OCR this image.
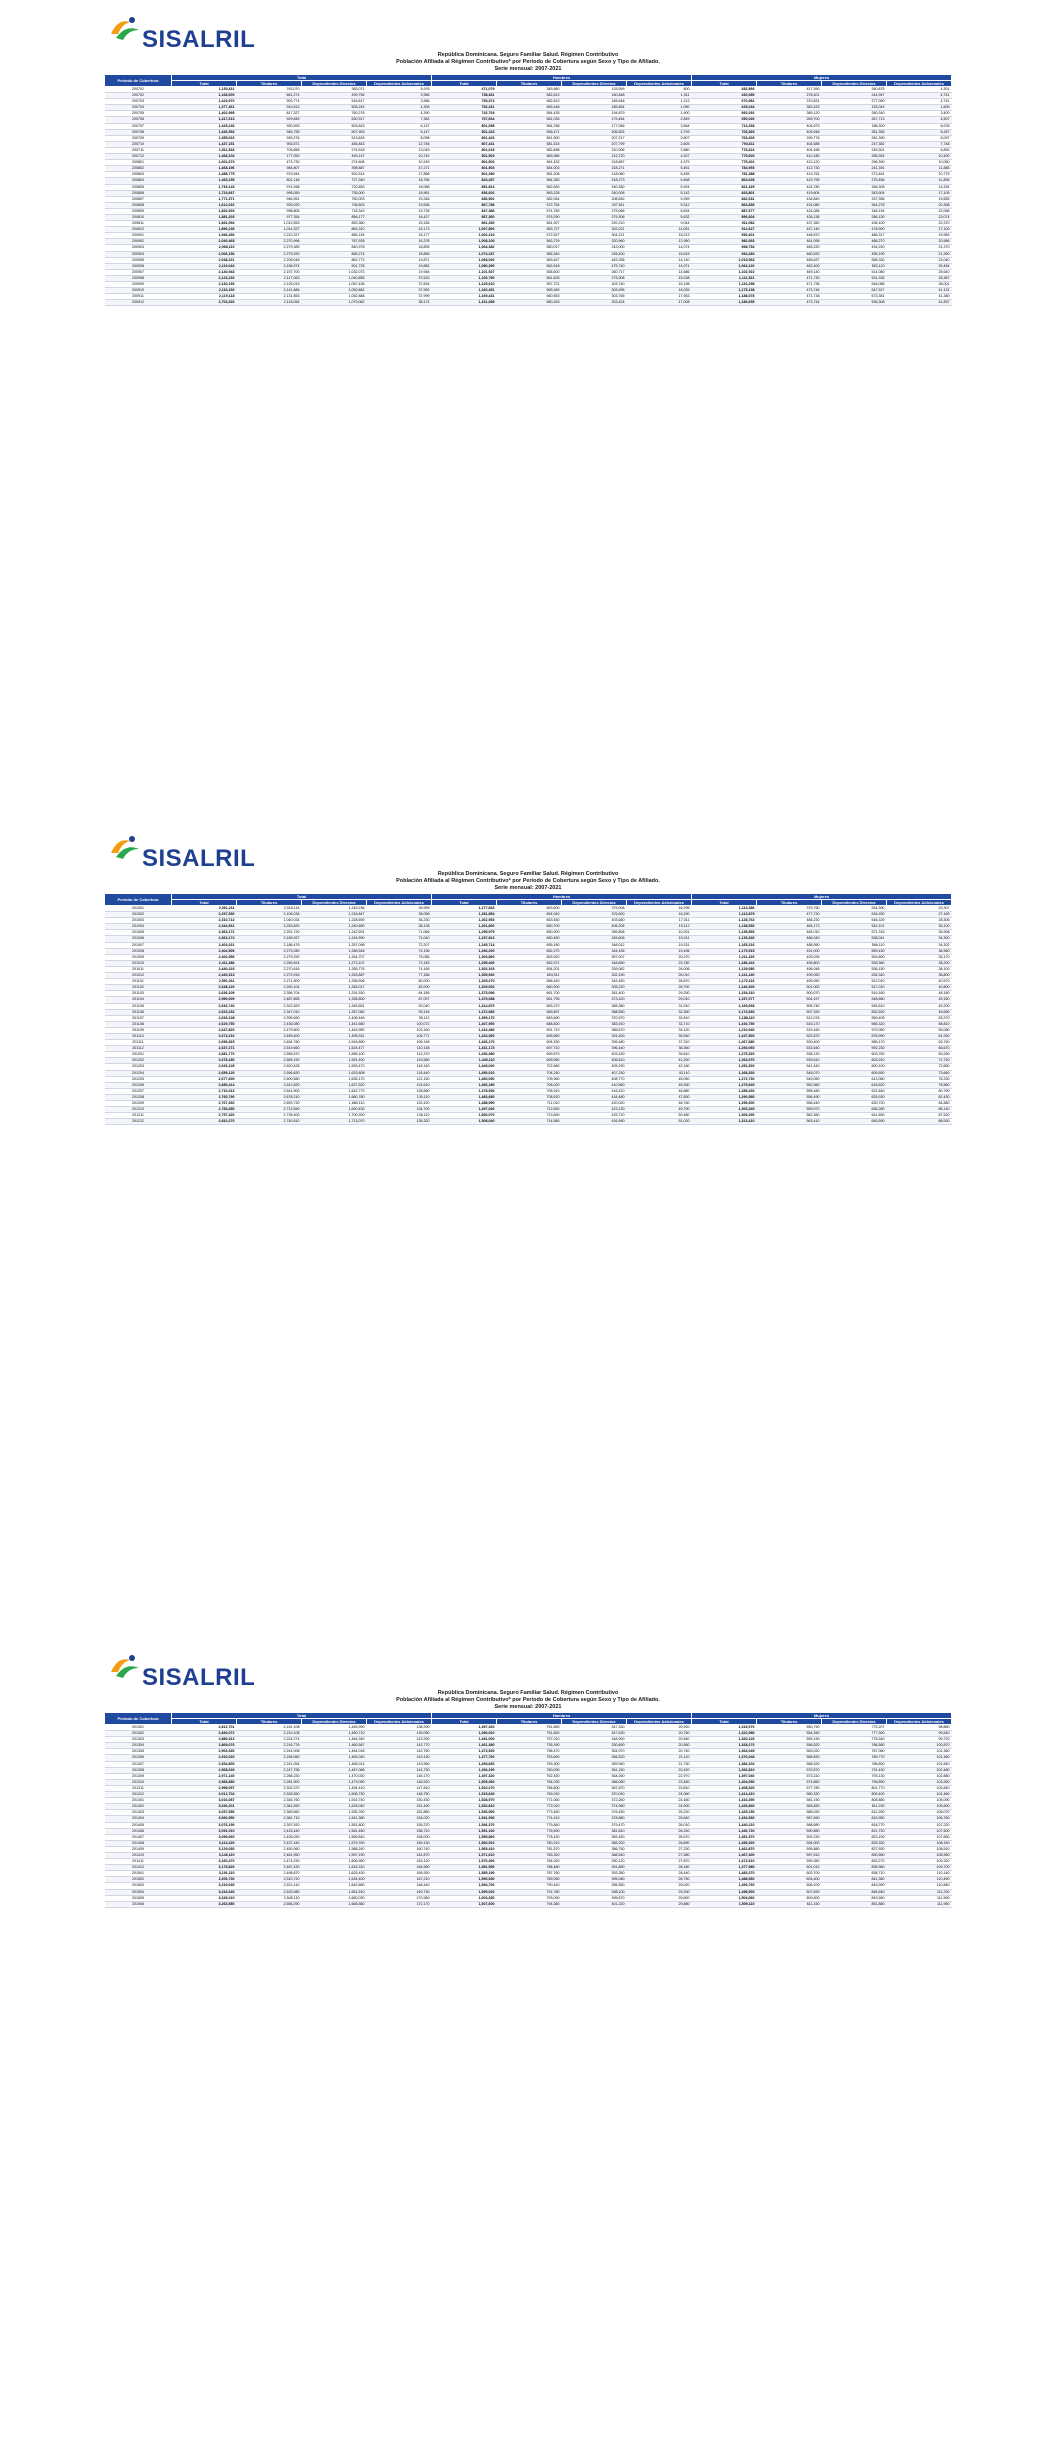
SISALRIL
República Dominicana. Seguro Familiar Salud. Régimen Contributivo
Población Afiliada al Régimen Contributivo* por Período de Cobertura según Sexo y Tipo de Afiliado.
Serie mensual: 2007-2021
Período de Cobertura	Total				Hombres				Mujeres			
	Total	Titulares	Dependientes Directos	Dependientes Adicionales	Total	Titulares	Dependientes Directos	Dependientes Adicionales	Total	Titulares	Dependientes Directos	Dependientes Adicionales
200701	1,153,611	763,070	383,071	5,976	471,079	345,680	125,599	800	682,566	417,390	260,875	4,301
200702	1,168,600	661,274	499,756	3,986	738,461	582,613	160,848	1,011	430,085	278,401	244,947	4,741
200703	1,423,970	903,774	516,617	3,986	753,374	582,813	165,648	1,213	670,581	370,831	277,090	4,741
200704	1,377,461	910,513	505,243	4,305	752,261	565,448	185,854	1,050	625,244	383,433	193,043	1,605
200705	1,402,995	817,327	760,278	4,390	742,704	584,435	194,879	1,900	660,291	389,120	280,340	3,400
200706	1,417,613	929,845	530,917	7,382	767,664	581,035	179,464	2,849	650,040	269,700	267,713	4,507
200707	1,425,246	930,993	503,843	6,137	801,058	564,768	177,946	3,664	713,268	404,675	186,300	6,978
200708	1,446,592	946,755	507,903	6,147	801,423	596,471	206,502	2,793	703,369	409,946	261,355	6,267
200709	1,455,022	945,276	513,818	8,098	801,423	561,500	207,217	2,807	763,403	299,776	281,390	5,097
200710	1,437,151	953,571	485,843	12,746	807,441	581,515	207,799	2,605	793,611	404,588	247,382	7,748
200711	1,511,543	706,856	274,518	13,049	801,018	582,898	210,006	2,680	776,624	404,168	245,301	6,892
200712	1,468,104	177,053	493,147	10,742	801,503	583,986	212,720	4,307	779,600	410,180	265,354	10,490
200801	1,601,673	473,730	274,608	10,249	801,503	561,432	218,887	4,379	775,401	412,120	296,390	10,060
200802	1,468,196	984,807	398,887	47,271	801,503	584,003	218,271	5,461	784,993	412,730	241,391	11,885
200803	1,488,775	979,944	502,514	17,866	801,390	581,208	218,060	5,455	781,388	413,761	273,461	10,775
200804	1,465,159	801,146	727,340	18,756	823,457	584,350	218,273	5,468	803,628	419,795	275,456	11,895
200805	1,733,143	974,268	720,853	18,066	851,814	582,830	240,350	5,924	821,329	424,780	266,305	14,334
200806	1,723,667	995,059	735,000	18,961	836,602	583,228	240,008	5,142	833,801	419,604	343,904	17,105
200807	1,771,371	946,951	750,003	19,346	836,902	582,054	208,652	5,269	842,031	434,840	337,356	19,655
200808	1,612,016	925,020	736,803	19,536	867,788	572,754	207,511	5,312	864,836	424,080	344,278	20,308
200809	1,832,003	998,805	718,343	19,738	847,386	574,780	275,066	5,634	887,677	424,086	348,194	22,068
200810	1,881,203	977,354	856,177	16,427	857,360	576,290	279,306	5,632	896,604	426,136	286,130	23,074
200811	1,831,094	1,012,553	853,360	15,185	861,330	561,927	292,210	9,044	911,082	437,350	436,100	22,370
200812	1,896,136	1,014,327	863,310	15,173	1,007,800	563,727	302,021	14,051	912,627	447,140	478,900	17,100
200901	1,946,436	2,210,227	865,145	16,177	1,002,210	572,527	304,221	15,213	930,401	448,870	486,317	19,983
200902	2,040,465	2,270,996	767,928	16,378	1,008,100	563,729	320,960	12,950	982,933	461,095	488,270	20,986
200903	2,068,110	2,279,383	840,978	16,895	1,064,382	560,017	243,000	14,074	948,754	465,220	494,240	21,370
200904	2,006,156	2,279,290	865,274	18,865	1,074,187	565,340	245,400	15,615	934,283	460,520	495,190	21,390
200905	2,048,221	2,208,048	862,773	19,871	1,068,040	563,627	463,336	14,140	1,015,063	465,637	558,330	23,040
200906	2,119,044	2,156,974	901,725	19,882	1,080,390	562,618	475,740	14,971	1,064,120	462,400	502,110	25,454
200907	2,140,943	2,157,700	1,032,073	19,948	1,101,927	558,600	260,717	14,686	1,102,510	469,140	514,080	25,640
200908	2,123,192	2,117,063	1,040,855	37,633	1,100,750	561,625	275,508	15,038	1,111,521	471,730	531,335	26,367
200909	2,130,193	2,125,019	1,067,438	37,694	1,129,610	557,721	303,740	15,198	1,116,298	471,736	546,085	28,001
200910	2,116,160	2,141,886	1,052,882	37,992	1,160,451	565,945	303,995	16,026	1,175,138	473,746	547,917	41,131
200911	2,119,118	2,131,853	1,052,888	37,999	1,169,431	560,563	303,765	17,953	1,188,078	471,738	573,351	41,380
200912	2,704,326	2,118,054	1,079,062	38,174	1,161,089	560,263	303,424	17,008	1,186,659	473,744	536,308	41,837
SISALRIL
República Dominicana. Seguro Familiar Salud. Régimen Contributivo
Población Afiliada al Régimen Contributivo* por Período de Cobertura según Sexo y Tipo de Afiliado.
Serie mensual: 2007-2021
Período de Cobertura	Total				Hombres				Mujeres			
	Total	Titulares	Dependientes Directos	Dependientes Adicionales	Total	Titulares	Dependientes Directos	Dependientes Adicionales	Total	Titulares	Dependientes Directos	Dependientes Adicionales
201001	2,361,211	2,018,116	1,249,236	39,959	1,277,833	653,600	375,008	16,295	1,114,386	375,760	534,390	23,307
201002	2,297,530	2,106,036	1,216,847	38,058	1,281,854	654,040	376,600	16,290	1,113,879	477,730	534,930	27,169
201003	2,310,714	1,040,034	1,228,659	36,230	1,262,953	653,450	403,650	17,011	1,128,762	486,230	546,329	28,306
201004	2,344,661	2,253,820	1,240,650	38,138	1,261,800	650,700	406,206	19,112	1,138,530	484,173	542,101	35,100
201005	2,363,172	2,251,720	1,242,591	71,066	1,295,979	650,900	356,806	10,931	1,135,893	484,010	571,316	35,908
201006	2,363,174	2,165,927	1,244,590	71,040	1,237,813	650,450	345,606	19,241	1,139,340	486,040	538,041	34,300
201007	2,402,021	2,186,476	1,257,098	72,207	1,245,714	655,180	348,012	19,331	1,165,216	488,950	566,110	34,302
201008	2,404,506	2,279,280	1,268,548	74,196	1,266,200	652,270	344,436	19,496	1,179,515	491,000	559,430	36,560
201009	2,402,956	2,279,292	1,264,707	75,085	1,303,860	653,920	357,007	20,270	1,211,326	493,026	553,800	35,170
201010	2,411,386	2,250,624	1,273,107	72,183	1,295,400	652,971	348,650	23,780	1,186,416	495,800	539,360	38,200
201011	2,440,223	2,270,616	1,265,776	74,165	1,302,163	654,201	339,062	26,006	1,129,080	496,048	536,150	38,100
201012	2,440,313	2,272,916	1,263,887	77,166	1,305,940	654,911	332,190	26,010	1,141,240	499,050	534,340	38,800
201101	2,591,011	2,271,500	1,258,506	80,000	1,325,270	656,440	343,450	26,870	1,170,116	499,050	512,010	40,570
201102	2,648,120	2,250,104	1,265,017	82,000	1,329,002	660,200	305,220	28,700	1,146,300	501,000	517,010	40,800
201103	2,636,109	2,356,704	1,291,530	84,185	1,373,096	661,700	361,400	29,250	1,154,310	500,070	519,160	48,180
201104	2,590,009	2,487,855	1,336,800	87,097	1,379,088	661,795	373,420	29,010	1,157,077	504,197	548,680	49,160
201105	2,632,740	2,322,529	1,345,551	92,040	1,314,870	663,270	365,380	31,910	1,165,068	505,740	545,510	49,200
201106	2,623,232	2,347,010	1,357,082	93,146	1,372,680	665,897	368,550	32,350	1,174,540	507,330	552,520	49,690
201107	2,633,108	2,395,650	1,406,446	95,112	1,359,170	683,690	370,970	32,810	1,188,110	512,076	559,405	53,370
201108	2,629,750	2,436,080	1,441,680	100,072	1,407,950	688,820	383,910	33,710	1,192,750	515,170	566,320	58,810
201109	2,647,820	2,479,800	1,463,950	102,160	1,416,480	691,710	385,670	34,120	1,210,940	519,160	570,050	59,080
201110	2,674,216	2,459,400	1,495,331	105,771	1,424,360	695,560	391,400	35,940	1,247,500	522,870	576,990	61,930
201111	2,696,815	2,484,760	1,516,890	106,148	1,426,170	694,330	395,480	37,310	1,267,680	530,400	585,170	63,740
201112	2,637,271	2,519,660	1,524,477	110,148	1,431,173	697,710	396,440	38,360	1,254,060	533,640	592,230	66,670
201201	2,681,770	2,556,570	1,585,100	112,370	1,436,380	699,570	403,430	39,610	1,275,320	538,130	603,750	69,250
201202	2,678,180	2,569,150	1,591,400	115,580	1,440,110	699,950	406,610	41,200	1,263,970	539,610	603,910	71,720
201203	2,626,128	2,520,428	1,593,470	116,140	1,449,040	702,580	405,290	42,160	1,251,520	541,440	600,100	72,650
201204	2,659,120	2,596,630	1,633,808	118,440	1,450,010	704,240	407,230	43,110	1,268,330	545,070	609,550	73,660
201205	2,677,600	2,600,580	1,635,170	121,150	1,460,030	705,960	408,770	45,050	1,272,730	549,050	612,060	76,230
201206	2,680,414	2,612,820	1,627,520	124,610	1,466,180	706,020	410,560	45,930	1,279,640	552,960	618,520	78,560
201207	2,710,413	2,641,900	1,642,770	128,660	1,478,930	706,910	416,410	46,880	1,285,430	555,480	621,640	80,790
201208	2,760,790	2,678,210	1,660,780	130,110	1,483,680	708,520	418,480	47,830	1,290,580	556,490	625,930	82,430
201209	2,767,260	2,693,730	1,680,110	132,420	1,488,990	711,010	420,020	48,760	1,296,600	558,440	630,720	84,880
201210	2,783,450	2,713,590	1,690,430	134,700	1,497,030	712,630	423,130	49,790	1,303,340	559,970	636,280	86,140
201211	2,797,420	2,735,400	1,700,300	136,110	1,500,070	713,890	425,720	50,480	1,309,290	562,360	641,650	87,520
201212	2,810,270	2,740,510	1,713,070	138,320	1,508,040	714,560	426,990	51,020	1,313,410	563,410	645,590	88,530
SISALRIL
República Dominicana. Seguro Familiar Salud. Régimen Contributivo
Población Afiliada al Régimen Contributivo* por Período de Cobertura según Sexo y Tipo de Afiliado.
Serie mensual: 2007-2021
Período de Cobertura	Total				Hombres				Mujeres			
	Total	Titulares	Dependientes Directos	Dependientes Adicionales	Total	Titulares	Dependientes Directos	Dependientes Adicionales	Total	Titulares	Dependientes Directos	Dependientes Adicionales
201301	2,812,701	2,151,108	1,445,990	138,290	1,497,320	751,850	347,330	20,920	1,315,076	550,790	775,207	98,880
201302	2,840,072	2,210,108	1,450,710	139,050	1,490,910	751,830	347,630	20,750	1,322,980	554,260	777,300	99,540
201303	2,880,313	2,224,274	1,464,340	143,290	1,491,000	757,010	348,900	20,640	1,320,126	555,190	778,340	99,720
201304	2,869,076	2,216,776	1,460,567	142,770	1,461,380	735,390	330,690	20,550	1,328,270	558,520	786,580	100,870
201305	2,903,340	2,244,008	1,464,018	142,760	1,473,520	758,470	354,970	20,740	1,364,049	563,020	787,060	101,360
201306	2,916,020	2,245,060	1,465,040	143,130	1,477,760	753,690	356,520	21,110	1,376,048	565,830	789,770	101,460
201307	2,934,800	2,241,054	1,465,014	143,960	1,493,830	759,300	359,940	21,730	1,384,104	568,320	788,800	101,840
201308	2,968,026	2,247,756	1,467,068	144,730	1,494,190	760,090	361,150	22,420	1,392,810	570,570	791,430	102,480
201309	2,971,140	2,268,230	1,470,020	145,170	1,497,320	762,430	364,260	22,970	1,397,040	573,310	793,130	102,880
201310	2,983,880	2,281,900	1,479,090	146,520	1,505,360	764,030	366,060	23,450	1,404,050	574,860	796,890	103,260
201311	2,998,057	2,302,370	1,494,410	147,810	1,510,270	766,800	367,870	23,810	1,408,320	577,780	801,770	103,840
201312	3,012,704	2,328,550	1,508,730	148,750	1,515,640	769,240	370,040	24,060	1,414,410	580,330	805,400	104,460
201401	3,016,087	2,345,760	1,515,740	150,430	1,528,970	771,050	372,260	24,460	1,416,390	581,190	808,880	105,090
201402	3,040,201	2,361,590	1,528,040	151,490	1,532,810	772,010	374,960	24,900	1,426,840	583,830	811,230	105,600
201403	3,037,596	2,365,560	1,535,760	152,880	1,536,900	773,450	376,490	25,220	1,425,150	585,030	812,250	106,070
201404	3,060,950	2,381,710	1,541,380	154,020	1,541,930	774,410	378,880	25,640	1,434,530	587,690	815,950	106,760
201405	3,076,190	2,397,520	1,551,800	155,370	1,546,370	775,840	379,470	26,010	1,440,210	588,680	818,770	107,220
201406	3,091,010	2,415,440	1,561,460	156,710	1,551,160	776,590	381,810	26,240	1,446,720	590,850	821,720	107,500
201407	3,099,060	2,426,030	1,569,840	158,000	1,555,860	778,430	383,450	26,570	1,451,570	592,230	823,150	107,830
201408	3,113,420	2,437,440	1,579,760	159,130	1,560,510	780,210	385,200	26,890	1,456,920	594,000	825,320	108,150
201409	3,129,030	2,450,060	1,588,240	160,740	1,565,410	781,570	386,750	27,230	1,462,870	595,880	827,930	108,510
201410	3,146,110	2,461,950	1,597,190	161,870	1,571,610	783,320	388,540	27,580	1,467,400	597,510	830,560	108,960
201411	3,160,470	2,474,230	1,606,950	163,120	1,576,400	784,920	390,120	27,870	1,472,610	599,350	833,270	109,320
201412	3,175,820	2,487,430	1,616,310	164,560	1,581,550	786,480	391,890	28,180	1,477,980	601,010	835,960	109,700
201501	3,191,110	2,498,870	1,625,430	165,930	1,585,190	787,760	393,350	28,440	1,483,370	602,700	838,710	110,140
201502	3,206,730	2,510,720	1,634,400	167,210	1,590,530	789,050	395,080	28,750	1,488,560	604,400	841,380	110,490
201503	3,219,040	2,521,410	1,642,880	168,440	1,594,700	790,440	396,550	29,020	1,493,760	606,100	843,990	110,840
201504	3,234,640	2,533,980	1,651,510	169,730	1,599,020	791,780	398,100	29,330	1,498,900	607,830	846,640	111,230
201505	3,249,210	2,545,110	1,660,030	170,960	1,603,330	793,090	399,670	29,600	1,504,060	609,500	849,260	111,590
201506	3,263,580	2,556,290	1,668,580	172,170	1,607,600	794,380	401,220	29,880	1,509,110	611,150	851,880	111,950
